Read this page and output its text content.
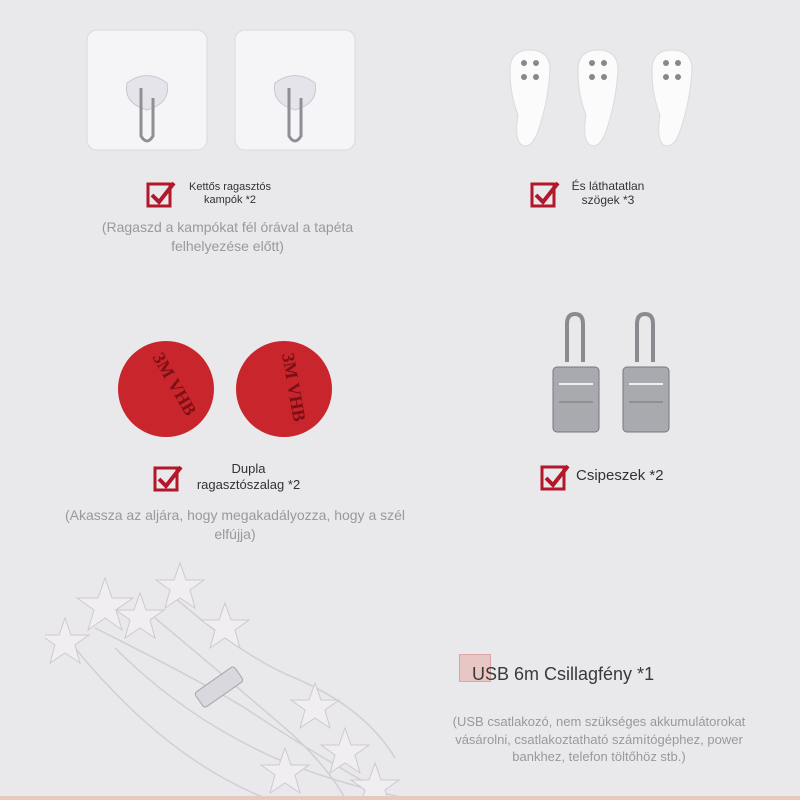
Kettős ragasztós
kampók *2
(Ragaszd a kampókat fél órával a tapéta
felhelyezése előtt)
És láthatatlan
szögek *3
3M VHB	3M VHB
Dupla
ragasztószalag *2
(Akassza az aljára, hogy megakadályozza, hogy a szél
elfújja)
Csipeszek *2
USB 6m Csillagfény *1
(USB csatlakozó, nem szükséges akkumulátorokat
vásárolni, csatlakoztatható számítógéphez, power
bankhez, telefon töltőhöz stb.)
